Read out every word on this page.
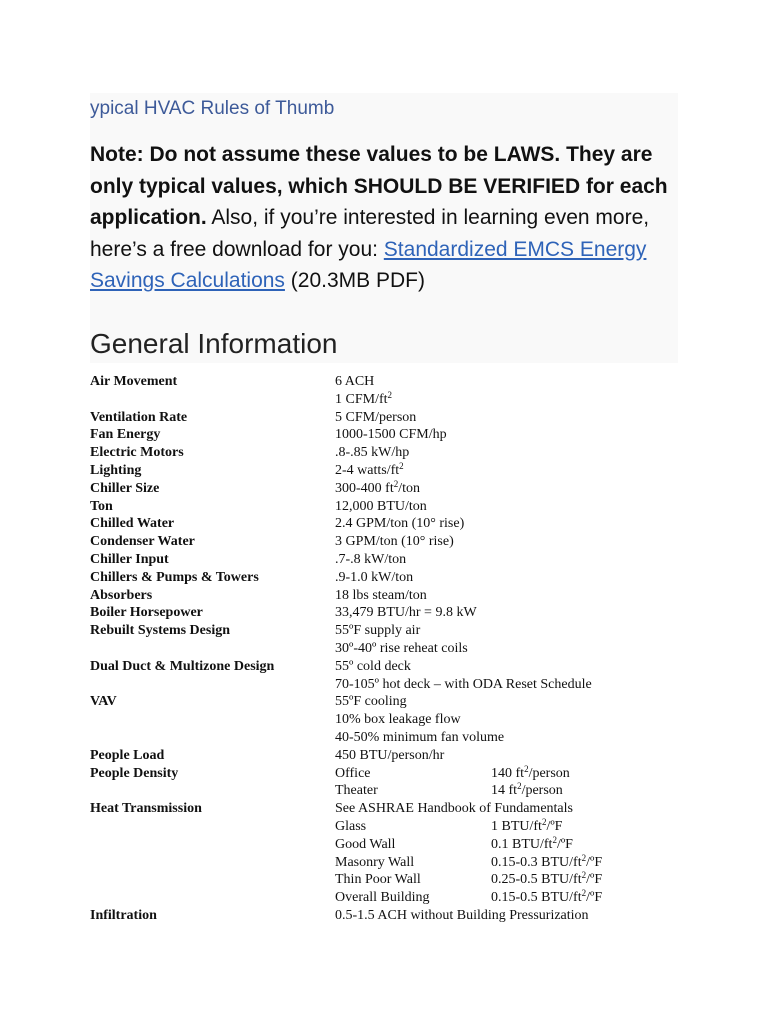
ypical HVAC Rules of Thumb
Note: Do not assume these values to be LAWS. They are only typical values, which SHOULD BE VERIFIED for each application. Also, if you’re interested in learning even more, here’s a free download for you: Standardized EMCS Energy Savings Calculations (20.3MB PDF)
General Information
Air Movement	6 ACH
1 CFM/$ft^2$
Ventilation Rate	5 CFM/person
Fan Energy	1000-1500 CFM/hp
Electric Motors	.8-.85 kW/hp
Lighting	2-4 watts/$ft^2$
Chiller Size	300-400 $ft^2$/ton
Ton	12,000 BTU/ton
Chilled Water	2.4 GPM/ton (10° rise)
Condenser Water	3 GPM/ton (10° rise)
Chiller Input	.7-.8 kW/ton
Chillers & Pumps & Towers	.9-1.0 kW/ton
Absorbers	18 lbs steam/ton
Boiler Horsepower	33,479 BTU/hr = 9.8 kW
Rebuilt Systems Design	55ºF supply air
30º-40º rise reheat coils
Dual Duct & Multizone Design	55º cold deck
70-105º hot deck – with ODA Reset Schedule
VAV	55ºF cooling
10% box leakage flow
40-50% minimum fan volume
People Load	450 BTU/person/hr
People Density	Office	140 $ft^2$/person
Theater	14 $ft^2$/person
Heat Transmission	See ASHRAE Handbook of Fundamentals
Glass	1 BTU/$ft^2/ºF$
Good Wall	0.1 BTU/$ft^2/ºF$
Masonry Wall	0.15-0.3 BTU/$ft^2/ºF$
Thin Poor Wall	0.25-0.5 BTU/$ft^2/ºF$
Overall Building	0.15-0.5 BTU/$ft^2/ºF$
Infiltration	0.5-1.5 ACH without Building Pressurization
